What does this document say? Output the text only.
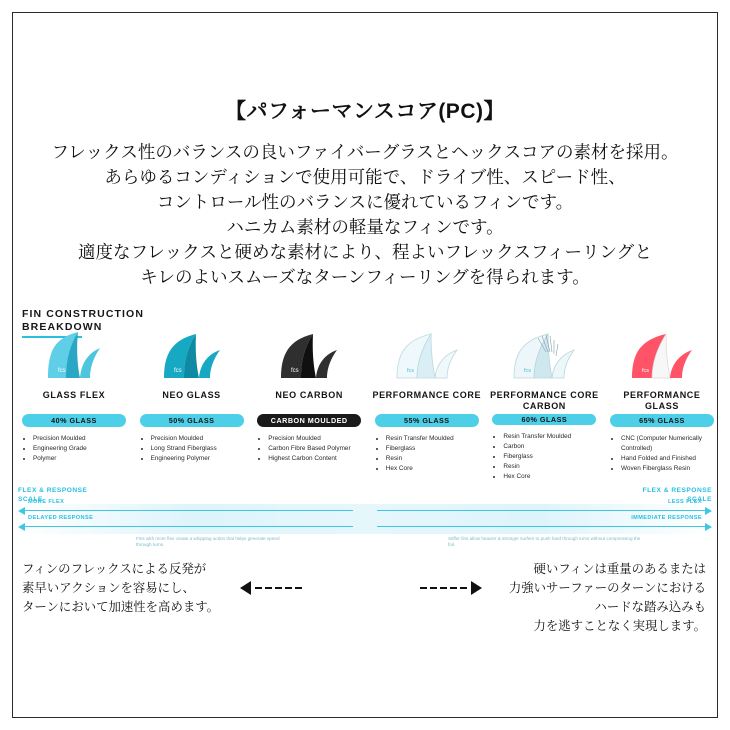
【パフォーマンスコア(PC)】
フレックス性のバランスの良いファイバーグラスとヘックスコアの素材を採用。
あらゆるコンディションで使用可能で、ドライブ性、スピード性、
コントロール性のバランスに優れているフィンです。
ハニカム素材の軽量なフィンです。
適度なフレックスと硬めな素材により、程よいフレックスフィーリングと
キレのよいスムーズなターンフィーリングを得られます。
FIN CONSTRUCTION
BREAKDOWN
fcs
GLASS FLEX
40% GLASS
• Precision Moulded
• Engineering Grade
• Polymer
fcs
NEO GLASS
50% GLASS
• Precision Moulded
• Long Strand Fiberglass
• Engineering Polymer
fcs
NEO CARBON
CARBON MOULDED
• Precision Moulded
• Carbon Fibre Based Polymer
• Highest Carbon Content
fcs
PERFORMANCE CORE
55% GLASS
• Resin Transfer Moulded
• Fiberglass
• Resin
• Hex Core
fcs
PERFORMANCE CORE CARBON
60% GLASS
• Resin Transfer Moulded
• Carbon
• Fiberglass
• Resin
• Hex Core
fcs
PERFORMANCE GLASS
65% GLASS
• CNC (Computer Numerically Controlled)
• Hand Folded and Finished
• Woven Fiberglass Resin
FLEX & RESPONSE
SCALE
FLEX & RESPONSE
SCALE
MORE FLEX	LESS FLEX
DELAYED RESPONSE	IMMEDIATE RESPONSE
Fins with more flex create a whipping action that helps generate speed through turns.
Stiffer fins allow heavier & stronger surfers to push hard through turns without compressing the foil.
フィンのフレックスによる反発が
素早いアクションを容易にし、
ターンにおいて加速性を高めます。
硬いフィンは重量のあるまたは
力強いサーファーのターンにおける
ハードな踏み込みも
力を逃すことなく実現します。
